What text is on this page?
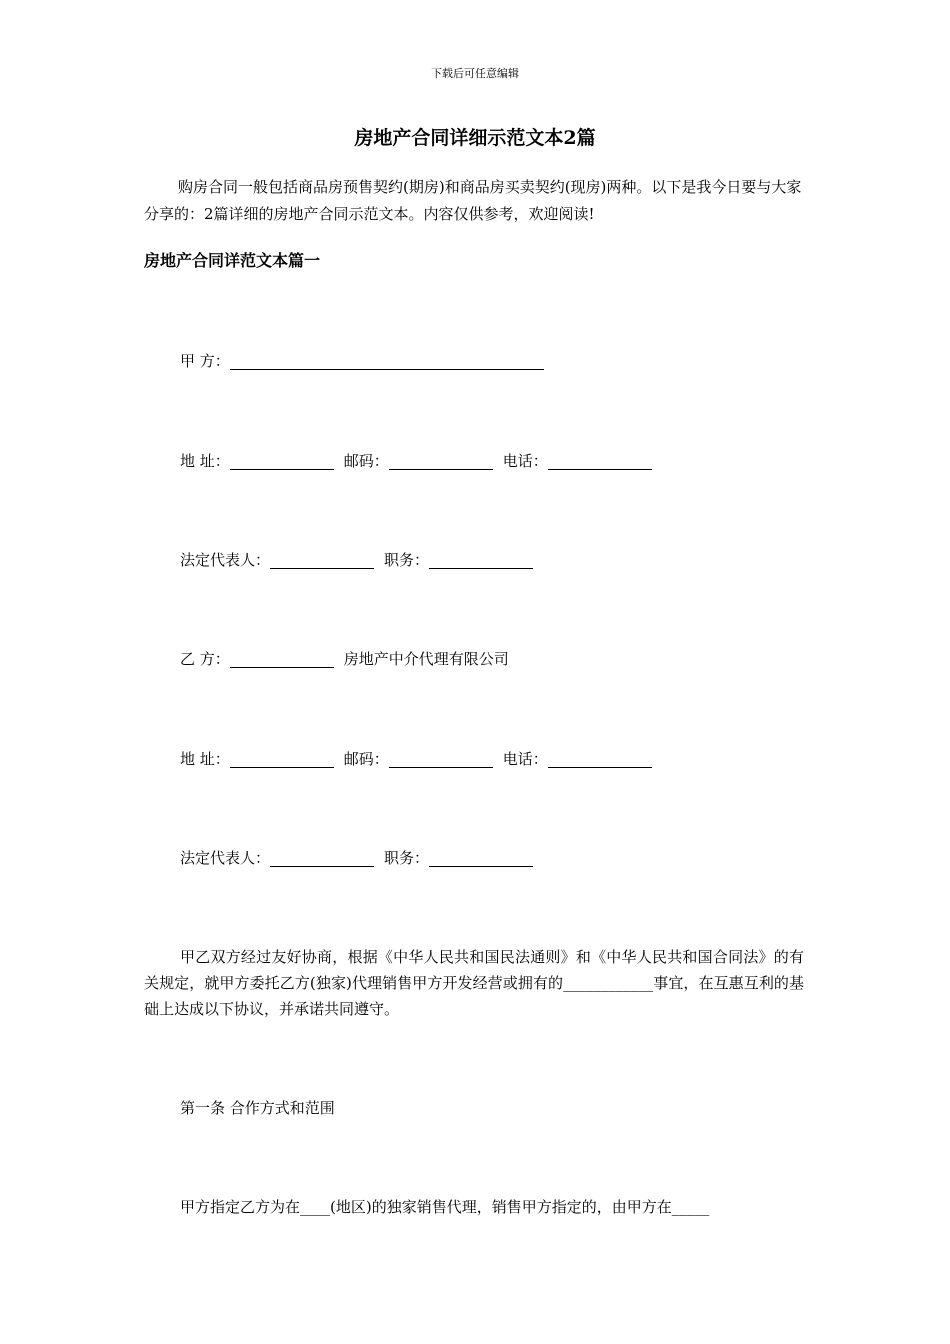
下载后可任意编辑
房地产合同详细示范文本2篇

购房合同一般包括商品房预售契约(期房)和商品房买卖契约(现房)两种。以下是我今日要与大家分享的：2篇详细的房地产合同示范文本。内容仅供参考，欢迎阅读!

房地产合同详范文本篇一
甲 方：
地 址：	邮码：	电话：
法定代表人：	职务：
乙 方：	房地产中介代理有限公司
地 址：	邮码：	电话：
法定代表人：	职务：

甲乙双方经过友好协商，根据《中华人民共和国民法通则》和《中华人民共和国合同法》的有关规定，就甲方委托乙方(独家)代理销售甲方开发经营或拥有的____________事宜，在互惠互利的基础上达成以下协议，并承诺共同遵守。

第一条 合作方式和范围

甲方指定乙方为在____(地区)的独家销售代理，销售甲方指定的，由甲方在_____
